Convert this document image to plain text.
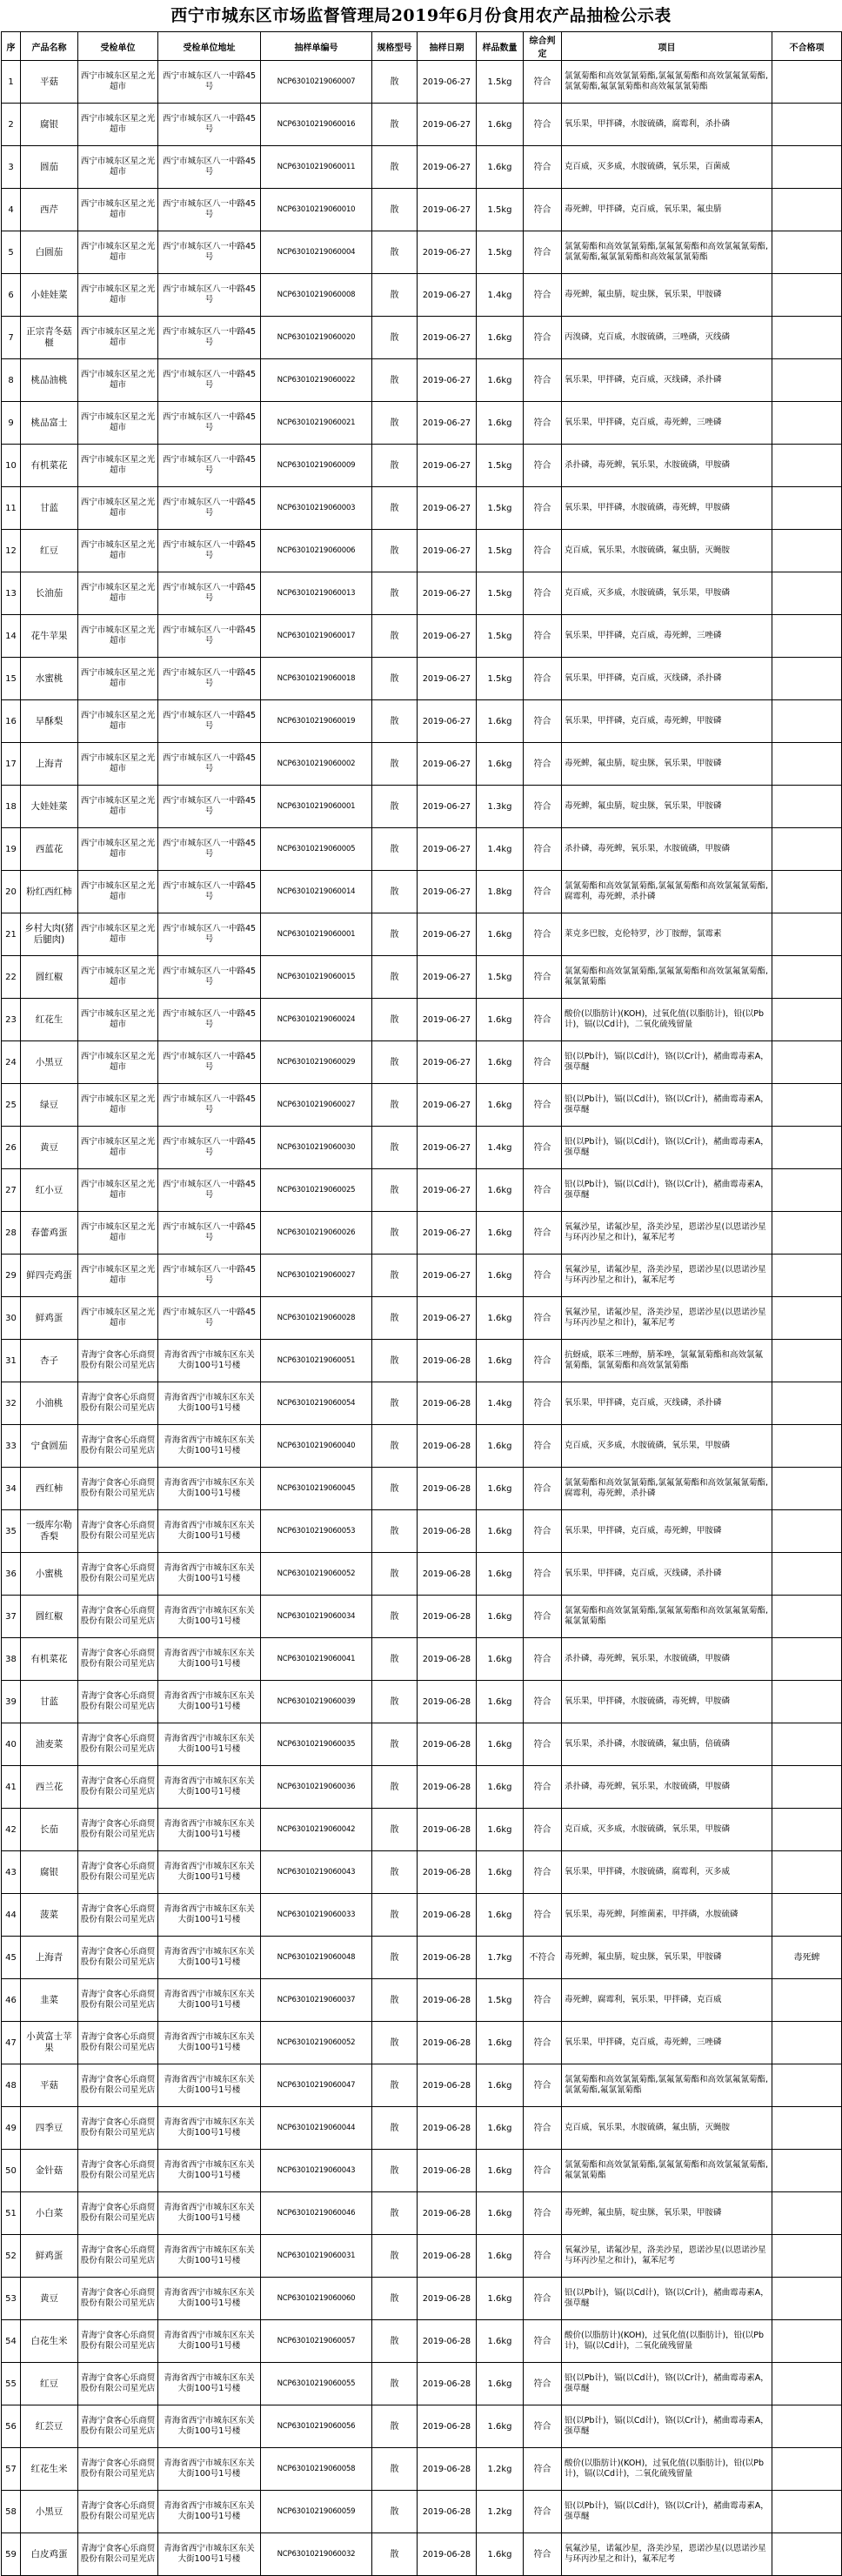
西宁市城东区市场监督管理局2019年6月份食用农产品抽检公示表
序	产品名称	受检单位	受检单位地址	抽样单编号	规格型号	抽样日期	样品数量	综合判定	项目	不合格项
1	平菇	西宁市城东区星之光超市	西宁市城东区八一中路45号	NCP63010219060007	散	2019-06-27	1.5kg	符合	氯氰菊酯和高效氯氰菊酯,氯氟氰菊酯和高效氯氟氰菊酯,氯氰菊酯,氟氯氰菊酯和高效氟氯氰菊酯	
2	腐银	西宁市城东区星之光超市	西宁市城东区八一中路45号	NCP63010219060016	散	2019-06-27	1.6kg	符合	氧乐果，甲拌磷，水胺硫磷，腐霉利，杀扑磷	
3	圆茄	西宁市城东区星之光超市	西宁市城东区八一中路45号	NCP63010219060011	散	2019-06-27	1.6kg	符合	克百威，灭多威，水胺硫磷，氧乐果，百菌威	
4	西芹	西宁市城东区星之光超市	西宁市城东区八一中路45号	NCP63010219060010	散	2019-06-27	1.5kg	符合	毒死蜱，甲拌磷，克百威，氧乐果，氟虫腈	
5	白圆茄	西宁市城东区星之光超市	西宁市城东区八一中路45号	NCP63010219060004	散	2019-06-27	1.5kg	符合	氯氰菊酯和高效氯氰菊酯,氯氟氰菊酯和高效氯氟氰菊酯,氯氰菊酯,氟氯氰菊酯和高效氟氯氰菊酯	
6	小娃娃菜	西宁市城东区星之光超市	西宁市城东区八一中路45号	NCP63010219060008	散	2019-06-27	1.4kg	符合	毒死蜱，氟虫腈，啶虫脒，氧乐果，甲胺磷	
7	正宗青冬菇榧	西宁市城东区星之光超市	西宁市城东区八一中路45号	NCP63010219060020	散	2019-06-27	1.6kg	符合	丙溴磷，克百威，水胺硫磷，三唑磷，灭线磷	
8	桃品油桃	西宁市城东区星之光超市	西宁市城东区八一中路45号	NCP63010219060022	散	2019-06-27	1.6kg	符合	氧乐果，甲拌磷，克百威，灭线磷，杀扑磷	
9	桃品富士	西宁市城东区星之光超市	西宁市城东区八一中路45号	NCP63010219060021	散	2019-06-27	1.6kg	符合	氧乐果，甲拌磷，克百威，毒死蜱，三唑磷	
10	有机菜花	西宁市城东区星之光超市	西宁市城东区八一中路45号	NCP63010219060009	散	2019-06-27	1.5kg	符合	杀扑磷，毒死蜱，氧乐果，水胺硫磷，甲胺磷	
11	甘蓝	西宁市城东区星之光超市	西宁市城东区八一中路45号	NCP63010219060003	散	2019-06-27	1.5kg	符合	氧乐果，甲拌磷，水胺硫磷，毒死蜱，甲胺磷	
12	红豆	西宁市城东区星之光超市	西宁市城东区八一中路45号	NCP63010219060006	散	2019-06-27	1.5kg	符合	克百威，氧乐果，水胺硫磷，氟虫腈，灭蝇胺	
13	长油茄	西宁市城东区星之光超市	西宁市城东区八一中路45号	NCP63010219060013	散	2019-06-27	1.5kg	符合	克百威，灭多威，水胺硫磷，氧乐果，甲胺磷	
14	花牛苹果	西宁市城东区星之光超市	西宁市城东区八一中路45号	NCP63010219060017	散	2019-06-27	1.5kg	符合	氧乐果，甲拌磷，克百威，毒死蜱，三唑磷	
15	水蜜桃	西宁市城东区星之光超市	西宁市城东区八一中路45号	NCP63010219060018	散	2019-06-27	1.5kg	符合	氧乐果，甲拌磷，克百威，灭线磷，杀扑磷	
16	早酥梨	西宁市城东区星之光超市	西宁市城东区八一中路45号	NCP63010219060019	散	2019-06-27	1.6kg	符合	氧乐果，甲拌磷，克百威，毒死蜱，甲胺磷	
17	上海青	西宁市城东区星之光超市	西宁市城东区八一中路45号	NCP63010219060002	散	2019-06-27	1.6kg	符合	毒死蜱，氟虫腈，啶虫脒，氧乐果，甲胺磷	
18	大娃娃菜	西宁市城东区星之光超市	西宁市城东区八一中路45号	NCP63010219060001	散	2019-06-27	1.3kg	符合	毒死蜱，氟虫腈，啶虫脒，氧乐果，甲胺磷	
19	西蓝花	西宁市城东区星之光超市	西宁市城东区八一中路45号	NCP63010219060005	散	2019-06-27	1.4kg	符合	杀扑磷，毒死蜱，氧乐果，水胺硫磷，甲胺磷	
20	粉红西红柿	西宁市城东区星之光超市	西宁市城东区八一中路45号	NCP63010219060014	散	2019-06-27	1.8kg	符合	氯氰菊酯和高效氯氰菊酯,氯氟氰菊酯和高效氯氟氰菊酯,腐霉利，毒死蜱，杀扑磷	
21	乡村大肉(猪后腿肉)	西宁市城东区星之光超市	西宁市城东区八一中路45号	NCP63010219060001	散	2019-06-27	1.6kg	符合	莱克多巴胺，克伦特罗，沙丁胺醇，氯霉素	
22	圆红椒	西宁市城东区星之光超市	西宁市城东区八一中路45号	NCP63010219060015	散	2019-06-27	1.5kg	符合	氯氰菊酯和高效氯氰菊酯,氯氟氰菊酯和高效氯氟氰菊酯,氟氯氰菊酯	
23	红花生	西宁市城东区星之光超市	西宁市城东区八一中路45号	NCP63010219060024	散	2019-06-27	1.6kg	符合	酸价(以脂肪计)(KOH)，过氧化值(以脂肪计)，铅(以Pb计)，镉(以Cd计)，二氧化硫残留量	
24	小黑豆	西宁市城东区星之光超市	西宁市城东区八一中路45号	NCP63010219060029	散	2019-06-27	1.6kg	符合	铅(以Pb计)，镉(以Cd计)，铬(以Cr计)，赭曲霉毒素A，强草醚	
25	绿豆	西宁市城东区星之光超市	西宁市城东区八一中路45号	NCP63010219060027	散	2019-06-27	1.6kg	符合	铅(以Pb计)，镉(以Cd计)，铬(以Cr计)，赭曲霉毒素A，强草醚	
26	黄豆	西宁市城东区星之光超市	西宁市城东区八一中路45号	NCP63010219060030	散	2019-06-27	1.4kg	符合	铅(以Pb计)，镉(以Cd计)，铬(以Cr计)，赭曲霉毒素A，强草醚	
27	红小豆	西宁市城东区星之光超市	西宁市城东区八一中路45号	NCP63010219060025	散	2019-06-27	1.6kg	符合	铅(以Pb计)，镉(以Cd计)，铬(以Cr计)，赭曲霉毒素A，强草醚	
28	春蕾鸡蛋	西宁市城东区星之光超市	西宁市城东区八一中路45号	NCP63010219060026	散	2019-06-27	1.6kg	符合	氧氟沙星，诺氟沙星，洛美沙星，恩诺沙星(以恩诺沙星与环丙沙星之和计)，氟苯尼考	
29	鲜四壳鸡蛋	西宁市城东区星之光超市	西宁市城东区八一中路45号	NCP63010219060027	散	2019-06-27	1.6kg	符合	氧氟沙星，诺氟沙星，洛美沙星，恩诺沙星(以恩诺沙星与环丙沙星之和计)，氟苯尼考	
30	鲜鸡蛋	西宁市城东区星之光超市	西宁市城东区八一中路45号	NCP63010219060028	散	2019-06-27	1.6kg	符合	氧氟沙星，诺氟沙星，洛美沙星，恩诺沙星(以恩诺沙星与环丙沙星之和计)，氟苯尼考	
31	杏子	青海宁食客心乐商贸股份有限公司星光店	青海省西宁市城东区东关大街100号1号楼	NCP63010219060051	散	2019-06-28	1.6kg	符合	抗蚜威，联苯三唑醇，腈苯唑，氯氟氰菊酯和高效氯氟氰菊酯，氯氰菊酯和高效氯氰菊酯	
32	小油桃	青海宁食客心乐商贸股份有限公司星光店	青海省西宁市城东区东关大街100号1号楼	NCP63010219060054	散	2019-06-28	1.4kg	符合	氧乐果，甲拌磷，克百威，灭线磷，杀扑磷	
33	宁食圆茄	青海宁食客心乐商贸股份有限公司星光店	青海省西宁市城东区东关大街100号1号楼	NCP63010219060040	散	2019-06-28	1.6kg	符合	克百威，灭多威，水胺硫磷，氧乐果，甲胺磷	
34	西红柿	青海宁食客心乐商贸股份有限公司星光店	青海省西宁市城东区东关大街100号1号楼	NCP63010219060045	散	2019-06-28	1.6kg	符合	氯氰菊酯和高效氯氰菊酯,氯氟氰菊酯和高效氯氟氰菊酯,腐霉利，毒死蜱，杀扑磷	
35	一级库尔勒香梨	青海宁食客心乐商贸股份有限公司星光店	青海省西宁市城东区东关大街100号1号楼	NCP63010219060053	散	2019-06-28	1.6kg	符合	氧乐果，甲拌磷，克百威，毒死蜱，甲胺磷	
36	小蜜桃	青海宁食客心乐商贸股份有限公司星光店	青海省西宁市城东区东关大街100号1号楼	NCP63010219060052	散	2019-06-28	1.6kg	符合	氧乐果，甲拌磷，克百威，灭线磷，杀扑磷	
37	圆红椒	青海宁食客心乐商贸股份有限公司星光店	青海省西宁市城东区东关大街100号1号楼	NCP63010219060034	散	2019-06-28	1.6kg	符合	氯氰菊酯和高效氯氰菊酯,氯氟氰菊酯和高效氯氟氰菊酯,氟氯氰菊酯	
38	有机菜花	青海宁食客心乐商贸股份有限公司星光店	青海省西宁市城东区东关大街100号1号楼	NCP63010219060041	散	2019-06-28	1.6kg	符合	杀扑磷，毒死蜱，氧乐果，水胺硫磷，甲胺磷	
39	甘蓝	青海宁食客心乐商贸股份有限公司星光店	青海省西宁市城东区东关大街100号1号楼	NCP63010219060039	散	2019-06-28	1.6kg	符合	氧乐果，甲拌磷，水胺硫磷，毒死蜱，甲胺磷	
40	油麦菜	青海宁食客心乐商贸股份有限公司星光店	青海省西宁市城东区东关大街100号1号楼	NCP63010219060035	散	2019-06-28	1.6kg	符合	氧乐果，杀扑磷，水胺硫磷，氟虫腈，倍硫磷	
41	西兰花	青海宁食客心乐商贸股份有限公司星光店	青海省西宁市城东区东关大街100号1号楼	NCP63010219060036	散	2019-06-28	1.6kg	符合	杀扑磷，毒死蜱，氧乐果，水胺硫磷，甲胺磷	
42	长茄	青海宁食客心乐商贸股份有限公司星光店	青海省西宁市城东区东关大街100号1号楼	NCP63010219060042	散	2019-06-28	1.6kg	符合	克百威，灭多威，水胺硫磷，氧乐果，甲胺磷	
43	腐银	青海宁食客心乐商贸股份有限公司星光店	青海省西宁市城东区东关大街100号1号楼	NCP63010219060043	散	2019-06-28	1.6kg	符合	氧乐果，甲拌磷，水胺硫磷，腐霉利，灭多威	
44	菠菜	青海宁食客心乐商贸股份有限公司星光店	青海省西宁市城东区东关大街100号1号楼	NCP63010219060033	散	2019-06-28	1.6kg	符合	氧乐果，毒死蜱，阿维菌素，甲拌磷，水胺硫磷	
45	上海青	青海宁食客心乐商贸股份有限公司星光店	青海省西宁市城东区东关大街100号1号楼	NCP63010219060048	散	2019-06-28	1.7kg	不符合	毒死蜱，氟虫腈，啶虫脒，氧乐果，甲胺磷	毒死蜱
46	韭菜	青海宁食客心乐商贸股份有限公司星光店	青海省西宁市城东区东关大街100号1号楼	NCP63010219060037	散	2019-06-28	1.5kg	符合	毒死蜱，腐霉利，氧乐果，甲拌磷，克百威	
47	小黄富士苹果	青海宁食客心乐商贸股份有限公司星光店	青海省西宁市城东区东关大街100号1号楼	NCP63010219060052	散	2019-06-28	1.6kg	符合	氧乐果，甲拌磷，克百威，毒死蜱，三唑磷	
48	平菇	青海宁食客心乐商贸股份有限公司星光店	青海省西宁市城东区东关大街100号1号楼	NCP63010219060047	散	2019-06-28	1.6kg	符合	氯氰菊酯和高效氯氰菊酯,氯氟氰菊酯和高效氯氟氰菊酯,氯氰菊酯,氟氯氰菊酯	
49	四季豆	青海宁食客心乐商贸股份有限公司星光店	青海省西宁市城东区东关大街100号1号楼	NCP63010219060044	散	2019-06-28	1.6kg	符合	克百威，氧乐果，水胺硫磷，氟虫腈，灭蝇胺	
50	金针菇	青海宁食客心乐商贸股份有限公司星光店	青海省西宁市城东区东关大街100号1号楼	NCP63010219060043	散	2019-06-28	1.6kg	符合	氯氰菊酯和高效氯氰菊酯,氯氟氰菊酯和高效氯氟氰菊酯,氟氯氰菊酯	
51	小白菜	青海宁食客心乐商贸股份有限公司星光店	青海省西宁市城东区东关大街100号1号楼	NCP63010219060046	散	2019-06-28	1.6kg	符合	毒死蜱，氟虫腈，啶虫脒，氧乐果，甲胺磷	
52	鲜鸡蛋	青海宁食客心乐商贸股份有限公司星光店	青海省西宁市城东区东关大街100号1号楼	NCP63010219060031	散	2019-06-28	1.6kg	符合	氧氟沙星，诺氟沙星，洛美沙星，恩诺沙星(以恩诺沙星与环丙沙星之和计)，氟苯尼考	
53	黄豆	青海宁食客心乐商贸股份有限公司星光店	青海省西宁市城东区东关大街100号1号楼	NCP63010219060060	散	2019-06-28	1.6kg	符合	铅(以Pb计)，镉(以Cd计)，铬(以Cr计)，赭曲霉毒素A，强草醚	
54	白花生米	青海宁食客心乐商贸股份有限公司星光店	青海省西宁市城东区东关大街100号1号楼	NCP63010219060057	散	2019-06-28	1.6kg	符合	酸价(以脂肪计)(KOH)，过氧化值(以脂肪计)，铅(以Pb计)，镉(以Cd计)，二氧化硫残留量	
55	红豆	青海宁食客心乐商贸股份有限公司星光店	青海省西宁市城东区东关大街100号1号楼	NCP63010219060055	散	2019-06-28	1.6kg	符合	铅(以Pb计)，镉(以Cd计)，铬(以Cr计)，赭曲霉毒素A，强草醚	
56	红芸豆	青海宁食客心乐商贸股份有限公司星光店	青海省西宁市城东区东关大街100号1号楼	NCP63010219060056	散	2019-06-28	1.6kg	符合	铅(以Pb计)，镉(以Cd计)，铬(以Cr计)，赭曲霉毒素A，强草醚	
57	红花生米	青海宁食客心乐商贸股份有限公司星光店	青海省西宁市城东区东关大街100号1号楼	NCP63010219060058	散	2019-06-28	1.2kg	符合	酸价(以脂肪计)(KOH)，过氧化值(以脂肪计)，铅(以Pb计)，镉(以Cd计)，二氧化硫残留量	
58	小黑豆	青海宁食客心乐商贸股份有限公司星光店	青海省西宁市城东区东关大街100号1号楼	NCP63010219060059	散	2019-06-28	1.2kg	符合	铅(以Pb计)，镉(以Cd计)，铬(以Cr计)，赭曲霉毒素A，强草醚	
59	白皮鸡蛋	青海宁食客心乐商贸股份有限公司星光店	青海省西宁市城东区东关大街100号1号楼	NCP63010219060032	散	2019-06-28	1.6kg	符合	氧氟沙星，诺氟沙星，洛美沙星，恩诺沙星(以恩诺沙星与环丙沙星之和计)，氟苯尼考	
